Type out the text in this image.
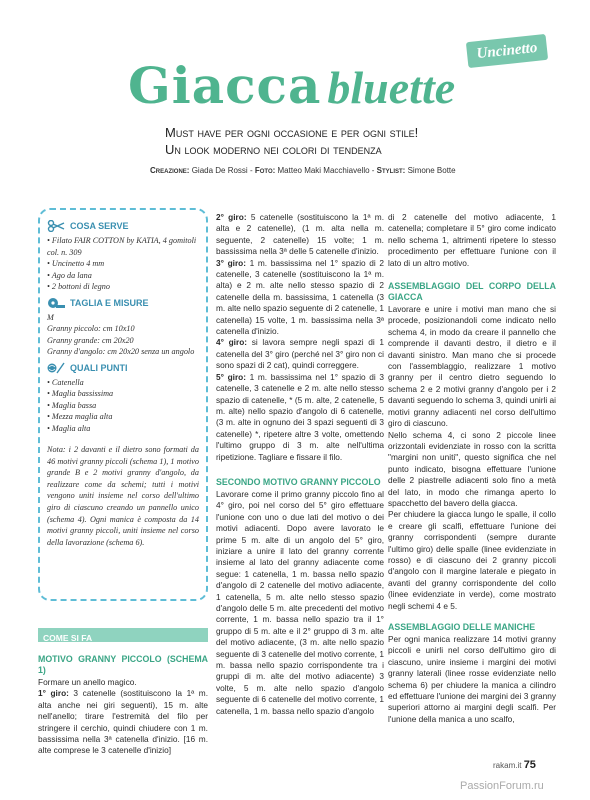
Uncinetto
Giacca bluette
Must have per ogni occasione e per ogni stile!
Un look moderno nei colori di tendenza
Creazione: Giada De Rossi - Foto: Matteo Maki Macchiavello - Stylist: Simone Botte
COSA SERVE
• Filato FAIR COTTON by KATIA, 4 gomitoli col. n. 309
• Uncinetto 4 mm
• Ago da lana
• 2 bottoni di legno
TAGLIA E MISURE
M
Granny piccolo: cm 10x10
Granny grande: cm 20x20
Granny d'angolo: cm 20x20 senza un angolo
QUALI PUNTI
• Catenella
• Maglia bassissima
• Maglia bassa
• Mezza maglia alta
• Maglia alta
Nota: i 2 davanti e il dietro sono formati da 46 motivi granny piccoli (schema 1), 1 motivo grande B e 2 motivi granny d'angolo, da realizzare come da schemi; tutti i motivi vengono uniti insieme nel corso dell'ultimo giro di ciascuno creando un pannello unico (schema 4). Ogni manica è composta da 14 motivi granny piccoli, uniti insieme nel corso della lavorazione (schema 6).
COME SI FA
MOTIVO GRANNY PICCOLO (SCHEMA 1)

Formare un anello magico.

1° giro: 3 catenelle (sostituiscono la 1ª m. alta anche nei giri seguenti), 15 m. alte nell'anello; tirare l'estremità del filo per stringere il cerchio, quindi chiudere con 1 m. bassissima nella 3ª catenella d'inizio. [16 m. alte comprese le 3 catenelle d'inizio]

2° giro: 5 catenelle (sostituiscono la 1ª m. alta e 2 catenelle), (1 m. alta nella m. seguente, 2 catenelle) 15 volte; 1 m. bassissima nella 3ª delle 5 catenelle d'inizio.

3° giro: 1 m. bassissima nel 1° spazio di 2 catenelle, 3 catenelle (sostituiscono la 1ª m. alta) e 2 m. alte nello stesso spazio di 2 catenelle della m. bassissima, 1 catenella (3 m. alte nello spazio seguente di 2 catenelle, 1 catenella) 15 volte, 1 m. bassissima nella 3ª catenella d'inizio.

4° giro: si lavora sempre negli spazi di 1 catenella del 3° giro (perché nel 3° giro non ci sono spazi di 2 cat), quindi correggere.

5° giro: 1 m. bassissima nel 1° spazio di 3 catenelle, 3 catenelle e 2 m. alte nello stesso spazio di catenelle, * (5 m. alte, 2 catenelle, 5 m. alte) nello spazio d'angolo di 6 catenelle, (3 m. alte in ognuno dei 3 spazi seguenti di 3 catenelle) *, ripetere altre 3 volte, omettendo l'ultimo gruppo di 3 m. alte nell'ultima ripetizione. Tagliare e fissare il filo.

SECONDO MOTIVO GRANNY PICCOLO

Lavorare come il primo granny piccolo fino al 4° giro, poi nel corso del 5° giro effettuare l'unione con uno o due lati del motivo o dei motivi adiacenti. Dopo avere lavorato le prime 5 m. alte di un angolo del 5° giro, iniziare a unire il lato del granny corrente insieme al lato del granny adiacente come segue: 1 catenella, 1 m. bassa nello spazio d'angolo di 2 catenelle del motivo adiacente, 1 catenella, 5 m. alte nello stesso spazio d'angolo delle 5 m. alte precedenti del motivo corrente, 1 m. bassa nello spazio tra il 1° gruppo di 5 m. alte e il 2° gruppo di 3 m. alte del motivo adiacente, (3 m. alte nello spazio seguente di 3 catenelle del motivo corrente, 1 m. bassa nello spazio corrispondente tra i gruppi di m. alte del motivo adiacente) 3 volte, 5 m. alte nello spazio d'angolo seguente di 6 catenelle del motivo corrente, 1 catenella, 1 m. bassa nello spazio d'angolo

di 2 catenelle del motivo adiacente, 1 catenella; completare il 5° giro come indicato nello schema 1, altrimenti ripetere lo stesso procedimento per effettuare l'unione con il lato di un altro motivo.

ASSEMBLAGGIO DEL CORPO DELLA GIACCA

Lavorare e unire i motivi man mano che si procede, posizionandoli come indicato nello schema 4, in modo da creare il pannello che comprende il davanti destro, il dietro e il davanti sinistro. Man mano che si procede con l'assemblaggio, realizzare 1 motivo granny per il centro dietro seguendo lo schema 2 e 2 motivi granny d'angolo per i 2 davanti seguendo lo schema 3, quindi unirli ai motivi granny adiacenti nel corso dell'ultimo giro di ciascuno.

Nello schema 4, ci sono 2 piccole linee orizzontali evidenziate in rosso con la scritta "margini non uniti", questo significa che nel punto indicato, bisogna effettuare l'unione delle 2 piastrelle adiacenti solo fino a metà del lato, in modo che rimanga aperto lo spacchetto del bavero della giacca.

Per chiudere la giacca lungo le spalle, il collo e creare gli scalfi, effettuare l'unione dei granny corrispondenti (sempre durante l'ultimo giro) delle spalle (linee evidenziate in rosso) e di ciascuno dei 2 granny piccoli d'angolo con il margine laterale e piegato in avanti del granny corrispondente del collo (linee evidenziate in verde), come mostrato negli schemi 4 e 5.

ASSEMBLAGGIO DELLE MANICHE

Per ogni manica realizzare 14 motivi granny piccoli e unirli nel corso dell'ultimo giro di ciascuno, unire insieme i margini dei motivi granny laterali (linee rosse evidenziate nello schema 6) per chiudere la manica a cilindro ed effettuare l'unione dei margini dei 3 granny superiori attorno ai margini degli scalfi. Per l'unione della manica a uno scalfo,

rakam.it 75
PassionForum.ru
